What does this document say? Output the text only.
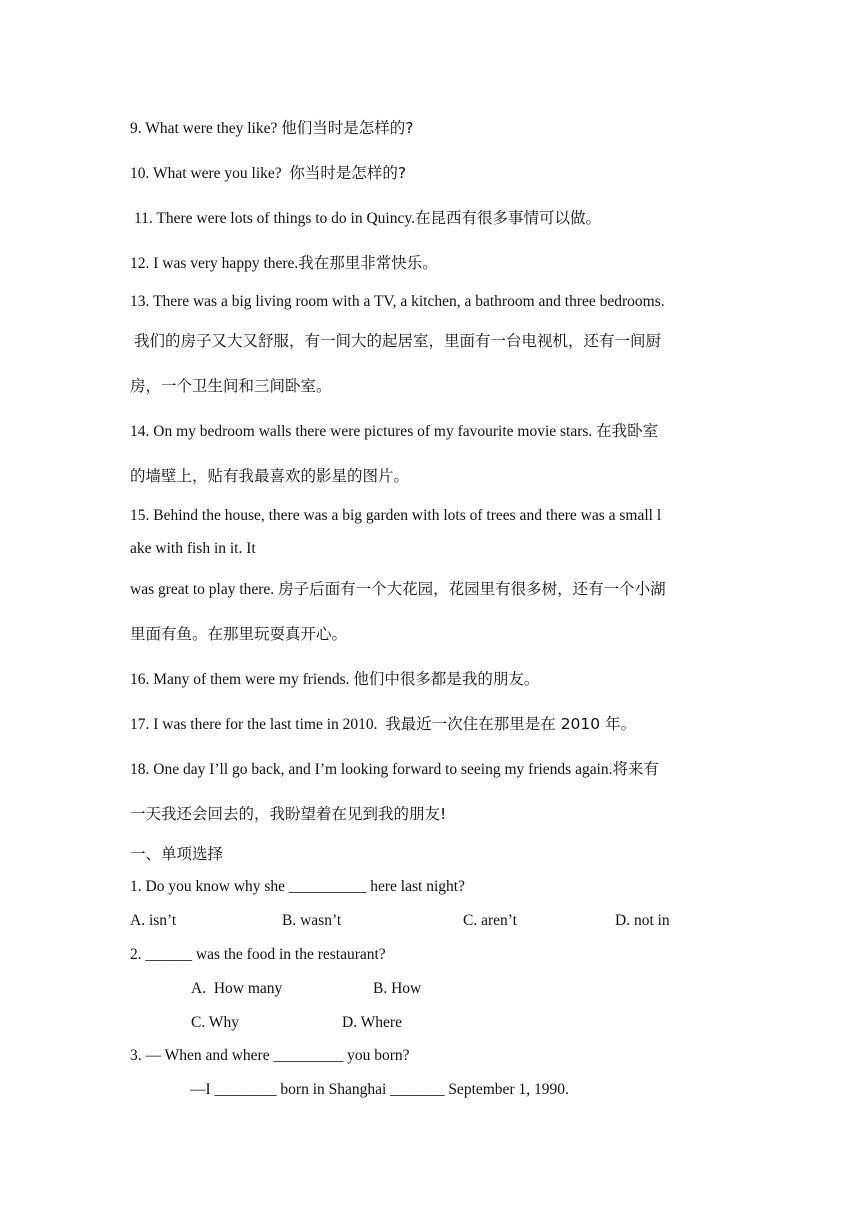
9. What were they like? 他们当时是怎样的?
10. What were you like? 你当时是怎样的?
11. There were lots of things to do in Quincy.在昆西有很多事情可以做。
12. I was very happy there.我在那里非常快乐。
13. There was a big living room with a TV, a kitchen, a bathroom and three bedrooms.
我们的房子又大又舒服，有一间大的起居室，里面有一台电视机，还有一间厨
房，一个卫生间和三间卧室。
14. On my bedroom walls there were pictures of my favourite movie stars. 在我卧室
的墙壁上，贴有我最喜欢的影星的图片。
15. Behind the house, there was a big garden with lots of trees and there was a small l
ake with fish in it. It
was great to play there. 房子后面有一个大花园，花园里有很多树，还有一个小湖
里面有鱼。在那里玩耍真开心。
16. Many of them were my friends. 他们中很多都是我的朋友。
17. I was there for the last time in 2010. 我最近一次住在那里是在 2010 年。
18. One day I’ll go back, and I’m looking forward to seeing my friends again.将来有
一天我还会回去的，我盼望着在见到我的朋友!
一、单项选择
1. Do you know why she __________ here last night?
A. isn’t	B. wasn’t	C. aren’t	D. not in
2. ______ was the food in the restaurant?
A.  How many	B. How
C. Why	D. Where
3. — When and where _________ you born?
—I ________ born in Shanghai _______ September 1, 1990.
